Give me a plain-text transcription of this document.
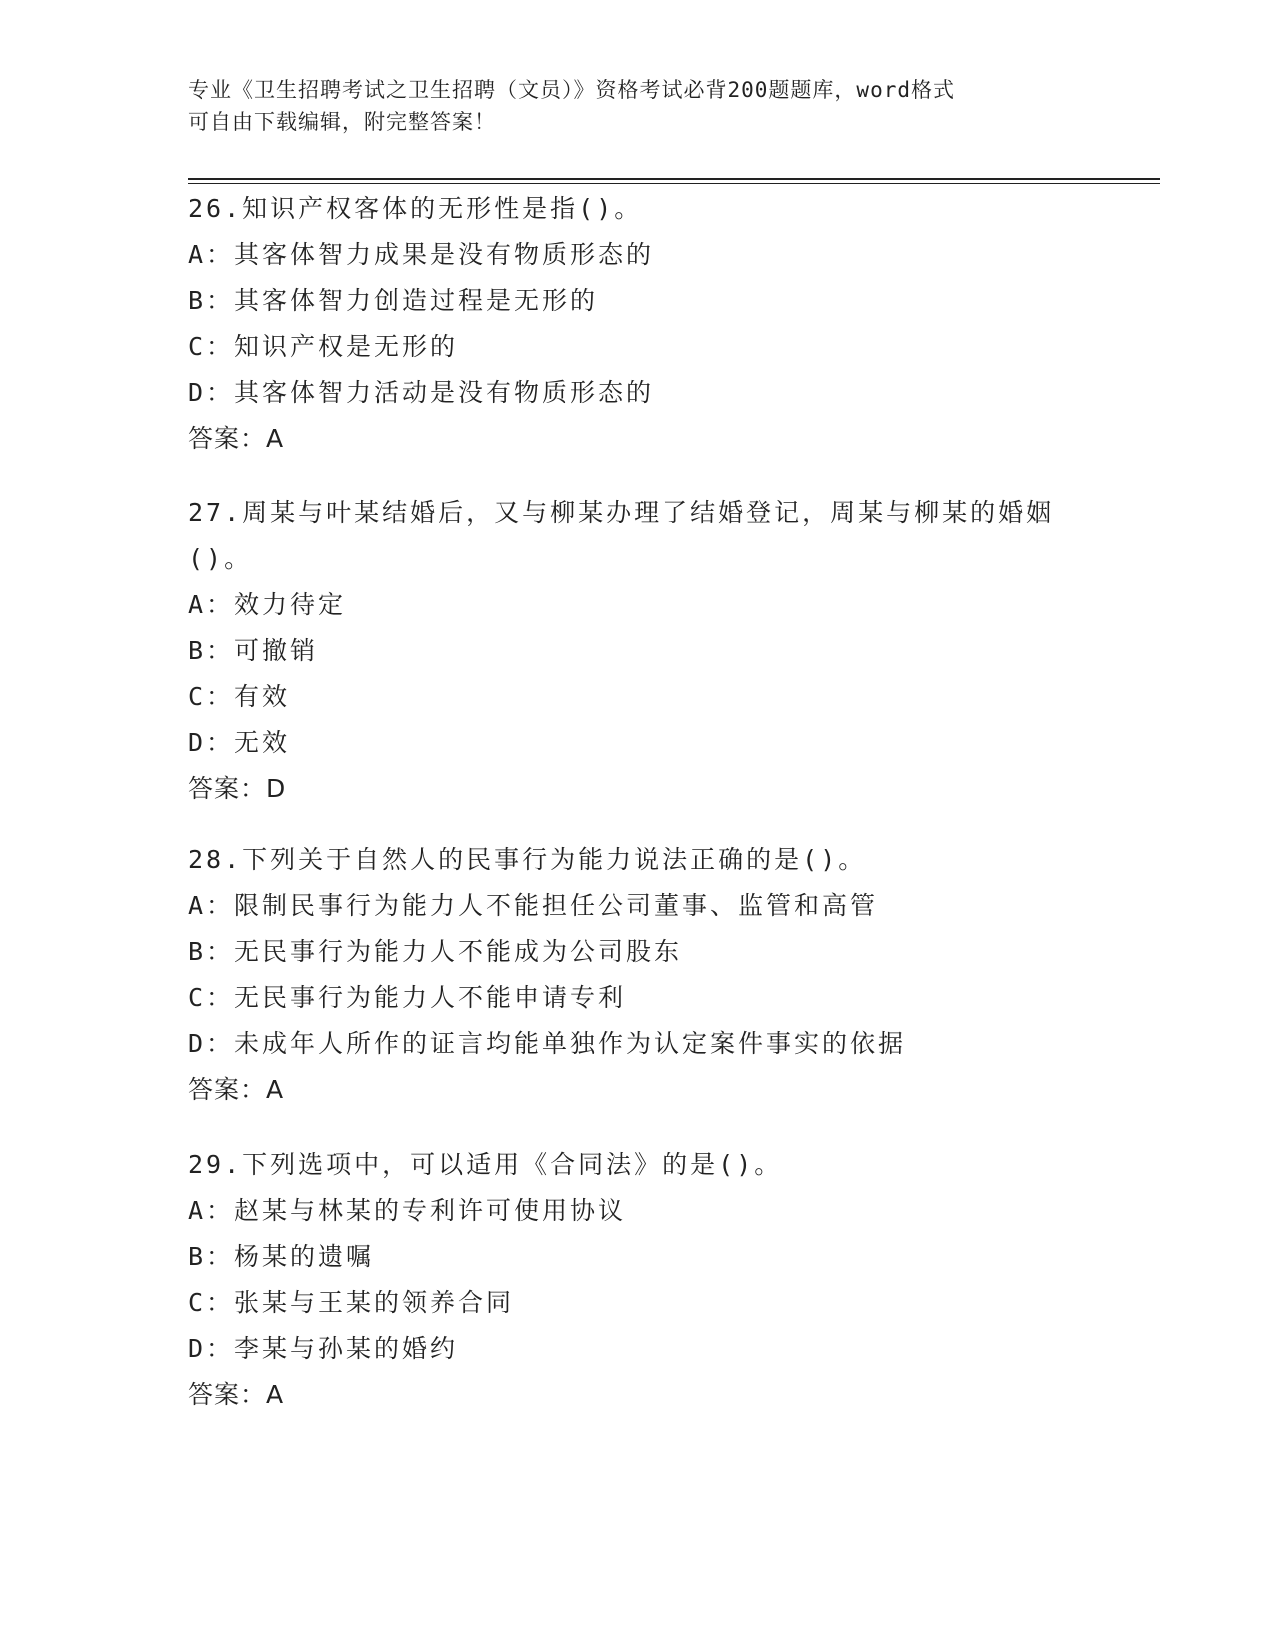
专业《卫生招聘考试之卫生招聘（文员）》资格考试必背200题题库，word格式
可自由下载编辑，附完整答案！

26.知识产权客体的无形性是指()。

A：其客体智力成果是没有物质形态的

B：其客体智力创造过程是无形的

C：知识产权是无形的

D：其客体智力活动是没有物质形态的

答案：A

27.周某与叶某结婚后，又与柳某办理了结婚登记，周某与柳某的婚姻()。

A：效力待定

B：可撤销

C：有效

D：无效

答案：D

28.下列关于自然人的民事行为能力说法正确的是()。

A：限制民事行为能力人不能担任公司董事、监管和高管

B：无民事行为能力人不能成为公司股东

C：无民事行为能力人不能申请专利

D：未成年人所作的证言均能单独作为认定案件事实的依据

答案：A

29.下列选项中，可以适用《合同法》的是()。

A：赵某与林某的专利许可使用协议

B：杨某的遗嘱

C：张某与王某的领养合同

D：李某与孙某的婚约

答案：A
